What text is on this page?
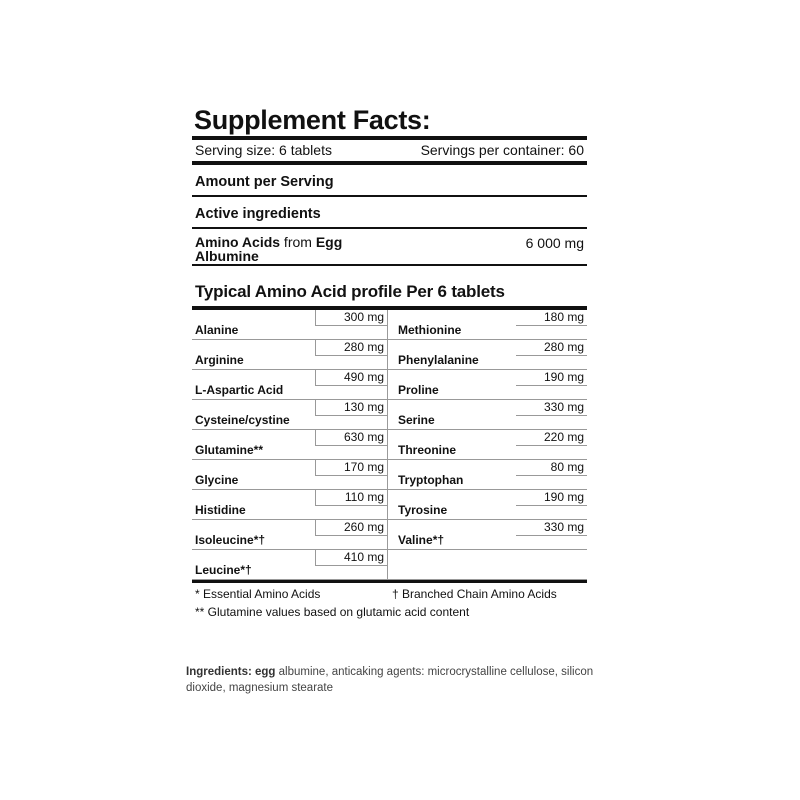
Supplement Facts:
Serving size: 6 tablets	Servings per container: 60
Amount per Serving
Active ingredients
Amino Acids from Egg Albumine
6 000 mg
Typical Amino Acid profile Per 6 tablets
300 mg
Alanine
280 mg
Arginine
490 mg
L-Aspartic Acid
130 mg
Cysteine/cystine
630 mg
Glutamine**
170 mg
Glycine
110 mg
Histidine
260 mg
Isoleucine*†
410 mg
Leucine*†
180 mg
Methionine
280 mg
Phenylalanine
190 mg
Proline
330 mg
Serine
220 mg
Threonine
80 mg
Tryptophan
190 mg
Tyrosine
330 mg
Valine*†
* Essential Amino Acids	† Branched Chain Amino Acids
** Glutamine values based on glutamic acid content
Ingredients: egg albumine, anticaking agents: microcrystalline cellulose, silicon dioxide, magnesium stearate
